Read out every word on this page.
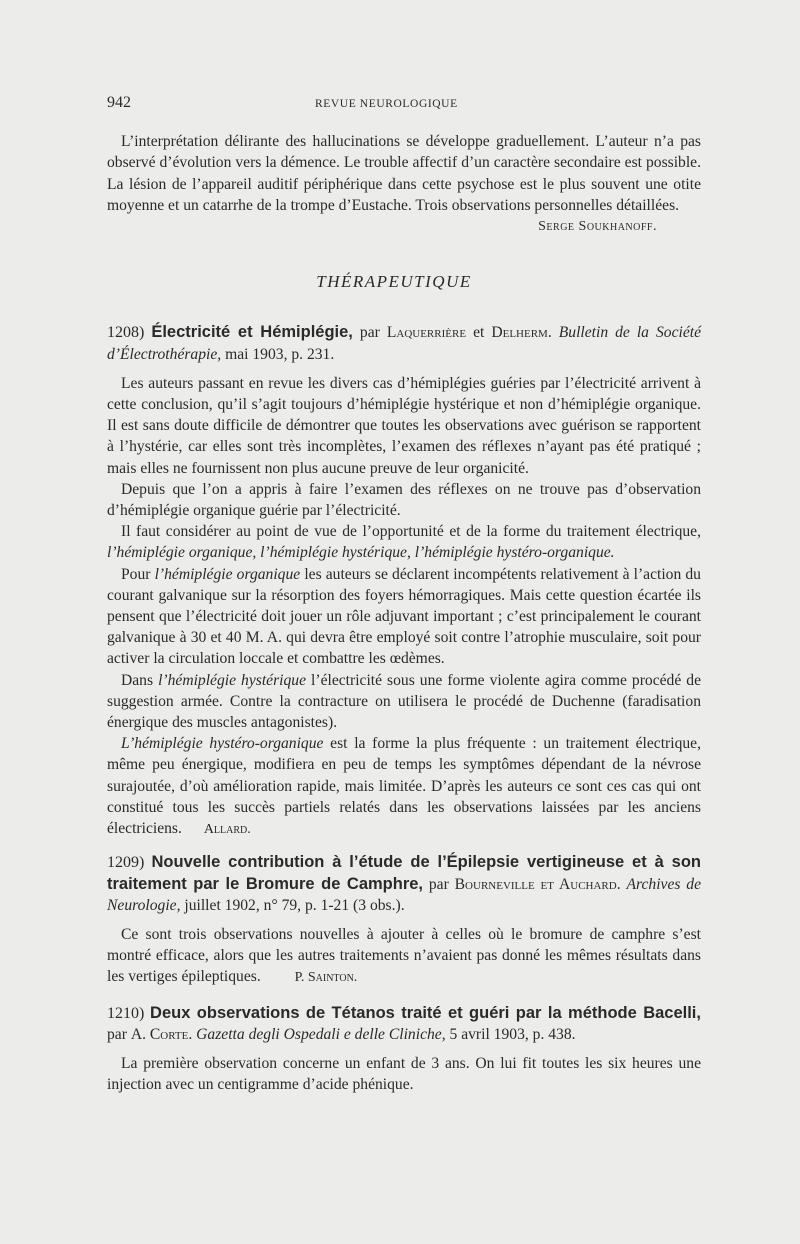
942	REVUE NEUROLOGIQUE

L’interprétation délirante des hallucinations se développe graduellement. L’auteur n’a pas observé d’évolution vers la démence. Le trouble affectif d’un caractère secondaire est possible. La lésion de l’appareil auditif périphérique dans cette psychose est le plus souvent une otite moyenne et un catarrhe de la trompe d’Eustache. Trois observations personnelles détaillées.

Serge Soukhanoff.

THÉRAPEUTIQUE
1208) Électricité et Hémiplégie, par Laquerrière et Delherm. Bulletin de la Société d’Électrothérapie, mai 1903, p. 231.

Les auteurs passant en revue les divers cas d’hémiplégies guéries par l’électricité arrivent à cette conclusion, qu’il s’agit toujours d’hémiplégie hystérique et non d’hémiplégie organique. Il est sans doute difficile de démontrer que toutes les observations avec guérison se rapportent à l’hystérie, car elles sont très incomplètes, l’examen des réflexes n’ayant pas été pratiqué ; mais elles ne fournissent non plus aucune preuve de leur organicité.

Depuis que l’on a appris à faire l’examen des réflexes on ne trouve pas d’observation d’hémiplégie organique guérie par l’électricité.

Il faut considérer au point de vue de l’opportunité et de la forme du traitement électrique, l’hémiplégie organique, l’hémiplégie hystérique, l’hémiplégie hystéro-organique.

Pour l’hémiplégie organique les auteurs se déclarent incompétents relativement à l’action du courant galvanique sur la résorption des foyers hémorragiques. Mais cette question écartée ils pensent que l’électricité doit jouer un rôle adjuvant important ; c’est principalement le courant galvanique à 30 et 40 M. A. qui devra être employé soit contre l’atrophie musculaire, soit pour activer la circulation loccale et combattre les œdèmes.

Dans l’hémiplégie hystérique l’électricité sous une forme violente agira comme procédé de suggestion armée. Contre la contracture on utilisera le procédé de Duchenne (faradisation énergique des muscles antagonistes).

L’hémiplégie hystéro-organique est la forme la plus fréquente : un traitement électrique, même peu énergique, modifiera en peu de temps les symptômes dépendant de la névrose surajoutée, d’où amélioration rapide, mais limitée. D’après les auteurs ce sont ces cas qui ont constitué tous les succès partiels relatés dans les observations laissées par les anciens électriciens. Allard.

1209) Nouvelle contribution à l’étude de l’Épilepsie vertigineuse et à son traitement par le Bromure de Camphre, par Bourneville et Auchard. Archives de Neurologie, juillet 1902, n° 79, p. 1-21 (3 obs.).

Ce sont trois observations nouvelles à ajouter à celles où le bromure de camphre s’est montré efficace, alors que les autres traitements n’avaient pas donné les mêmes résultats dans les vertiges épileptiques. P. Sainton.

1210) Deux observations de Tétanos traité et guéri par la méthode Bacelli, par A. Corte. Gazetta degli Ospedali e delle Cliniche, 5 avril 1903, p. 438.

La première observation concerne un enfant de 3 ans. On lui fit toutes les six heures une injection avec un centigramme d’acide phénique.
